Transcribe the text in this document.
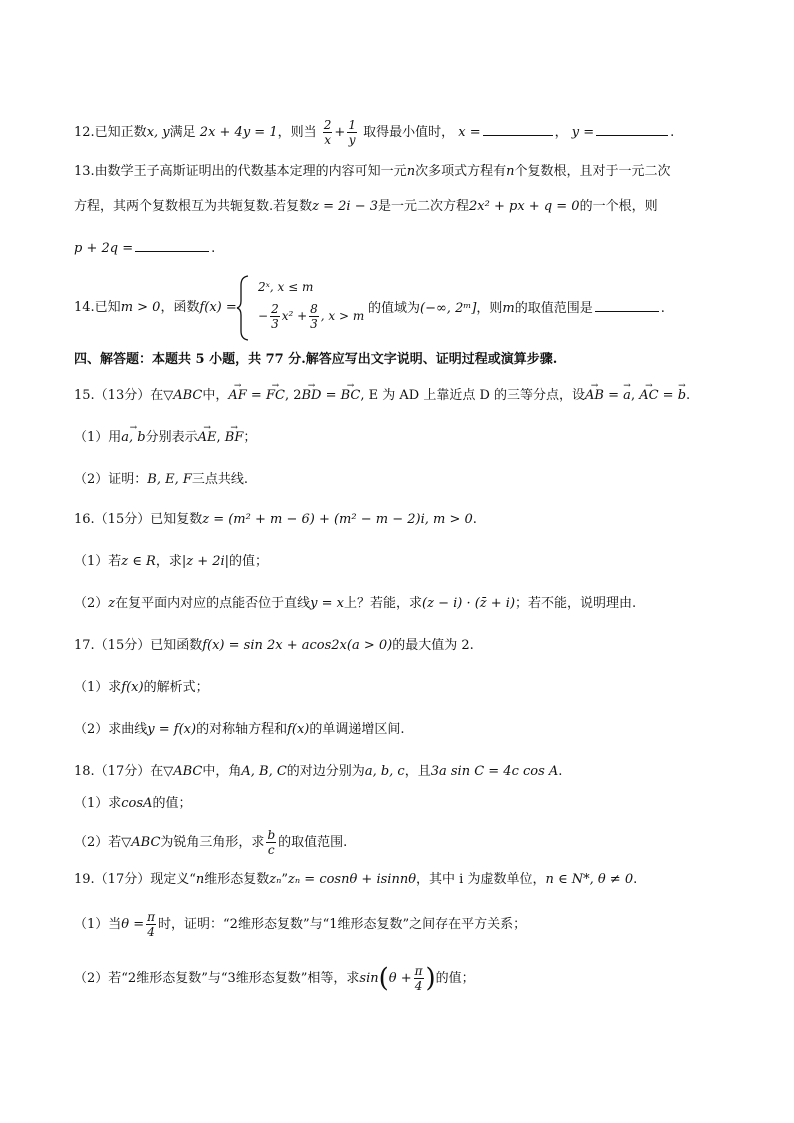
12.已知正数x, y满足 2x + 4y = 1，则当 $\frac{2}{x} + \frac{1}{y}$ 取得最小值时， x =	， y =	.
13.由数学王子高斯证明出的代数基本定理的内容可知一元n次多项式方程有n个复数根，且对于一元二次
方程，其两个复数根互为共轭复数.若复数z = 2i − 3是一元二次方程2x² + px + q = 0的一个根，则
p + 2q =	.
14.已知m > 0，函数f(x) =
2ˣ, x ≤ m
− $\frac{2}{3} x^2 + \frac{8}{3}$ , x > m 的值域为(−∞, 2ᵐ]，则m的取值范围是	.
四、解答题：本题共 5 小题，共 77 分.解答应写出文字说明、证明过程或演算步骤.
15.（13分）在▽ABC中，→ AF = → FC, 2→ BD = → BC, E 为 AD 上靠近点 D 的三等分点，设→ AB = → a, → AC = → b.
（1）用→ a, b分别表示→ AE, → BF；
（2）证明：B, E, F三点共线.
16.（15分）已知复数z = (m² + m − 6) + (m² − m − 2)i, m > 0.
（1）若z ∈ R，求|z + 2i|的值；
（2）z在复平面内对应的点能否位于直线y = x上？若能，求(z − i) · (z̄ + i)；若不能，说明理由.
17.（15分）已知函数f(x) = sin 2x + acos2x(a > 0)的最大值为 2.
（1）求f(x)的解析式；
（2）求曲线y = f(x)的对称轴方程和f(x)的单调递增区间.
18.（17分）在▽ABC中，角A, B, C的对边分别为a, b, c，且3a sin C = 4c cos A.
（1）求cosA的值；
（2）若▽ABC为锐角三角形，求 $\frac{b}{c}$ 的取值范围.
19.（17分）现定义“n维形态复数zₙ”zₙ = cosnθ + isinnθ，其中 i 为虚数单位，n ∈ N*, θ ≠ 0.
（1）当$\theta = \frac{\pi}{4}$ 时，证明：“2维形态复数”与“1维形态复数”之间存在平方关系；
（2）若“2维形态复数”与“3维形态复数”相等，求$\sin(\theta + \frac{\pi}{4}$ )的值；
